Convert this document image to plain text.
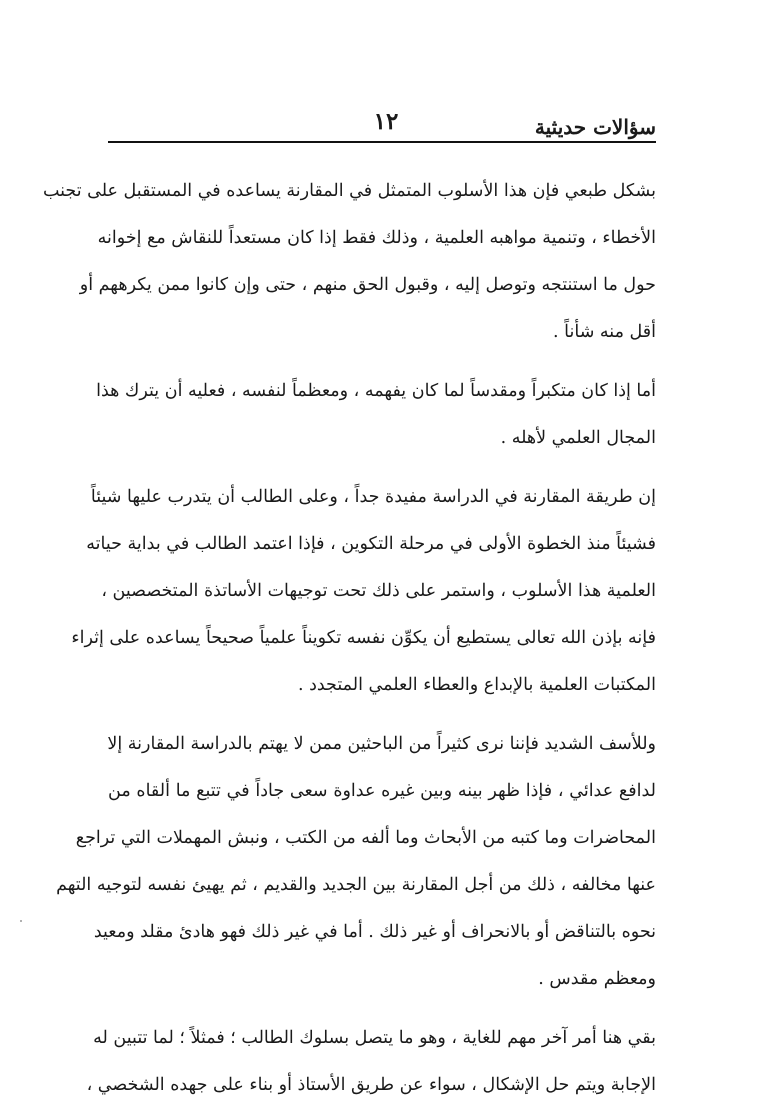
١٢	سؤالات حديثية
بشكل طبعي فإن هذا الأسلوب المتمثل في المقارنة يساعده في المستقبل على تجنب
الأخطاء ، وتنمية مواهبه العلمية ، وذلك فقط إذا كان مستعداً للنقاش مع إخوانه
حول ما استنتجه وتوصل إليه ، وقبول الحق منهم ، حتى وإن كانوا ممن يكرههم أو
أقل منه شأناً .
أما إذا كان متكبراً ومقدساً لما كان يفهمه ، ومعظماً لنفسه ، فعليه أن يترك هذا
المجال العلمي لأهله .
إن طريقة المقارنة في الدراسة مفيدة جداً ، وعلى الطالب أن يتدرب عليها شيئاً
فشيئاً منذ الخطوة الأولى في مرحلة التكوين ، فإذا اعتمد الطالب في بداية حياته
العلمية هذا الأسلوب ، واستمر على ذلك تحت توجيهات الأساتذة المتخصصين ،
فإنه بإذن الله تعالى يستطيع أن يكوِّن نفسه تكويناً علمياً صحيحاً يساعده على إثراء
المكتبات العلمية بالإبداع والعطاء العلمي المتجدد .
وللأسف الشديد فإننا نرى كثيراً من الباحثين ممن لا يهتم بالدراسة المقارنة إلا
لدافع عدائي ، فإذا ظهر بينه وبين غيره عداوة سعى جاداً في تتبع ما ألقاه من
المحاضرات وما كتبه من الأبحاث وما ألفه من الكتب ، ونبش المهملات التي تراجع
عنها مخالفه ، ذلك من أجل المقارنة بين الجديد والقديم ، ثم يهيئ نفسه لتوجيه التهم
نحوه بالتناقض أو بالانحراف أو غير ذلك . أما في غير ذلك فهو هادئ مقلد ومعيد
ومعظم مقدس .
بقي هنا أمر آخر مهم للغاية ، وهو ما يتصل بسلوك الطالب ؛ فمثلاً ؛ لما تتبين له
الإجابة ويتم حل الإشكال ، سواء عن طريق الأستاذ أو بناء على جهده الشخصي ،
